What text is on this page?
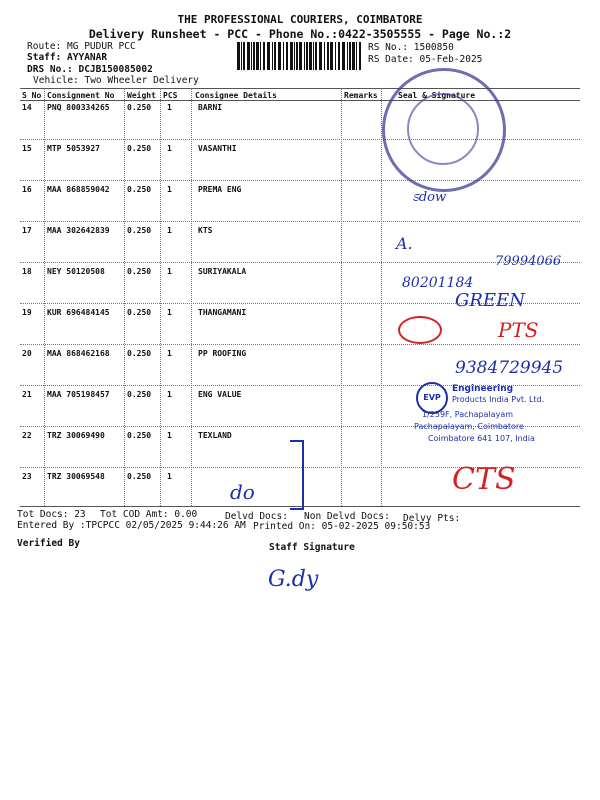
THE PROFESSIONAL COURIERS, COIMBATORE
Delivery Runsheet - PCC - Phone No.:0422-3505555 - Page No.:2
Route: MG PUDUR PCC
Staff: AYYANAR
DRS No.: DCJB150085002
Vehicle: Two Wheeler Delivery
RS No.: 1500850
RS Date: 05-Feb-2025
S No Consignment No Weight PCS Consignee Details	Remarks	Seal & Signature
14 PNQ 800334265 0.250 1	BARNI
15 MTP 5053927	0.250 1	VASANTHI
16 MAA 868859042 0.250 1	PREMA ENG
17 MAA 302642839 0.250 1	KTS
18 NEY 50120508	0.250 1	SURIYAKALA
19 KUR 696484145 0.250 1	THANGAMANI
20 MAA 868462168 0.250 1	PP ROOFING
21 MAA 705198457 0.250 1	ENG VALUE
22 TRZ 30069490	0.250 1	TEXLAND
23 TRZ 30069548	0.250 1
EVP
Engineering
Products India Pvt. Ltd.
1/259F, Pachapalayam
Pachapalayam, Coimbatore
Coimbatore 641 107, India
ಽdow
A.
79994066
80201184
GREEN
PTS
9384729945
CTS
do
G.dy
Tot Docs: 23 Tot COD Amt: 0.00	Delvd Docs: Non Delvd Docs: Delvy Pts:
Entered By :TPCPCC 02/05/2025 9:44:26 AM Printed On: 05-02-2025 09:50:53
Verified By	Staff Signature
